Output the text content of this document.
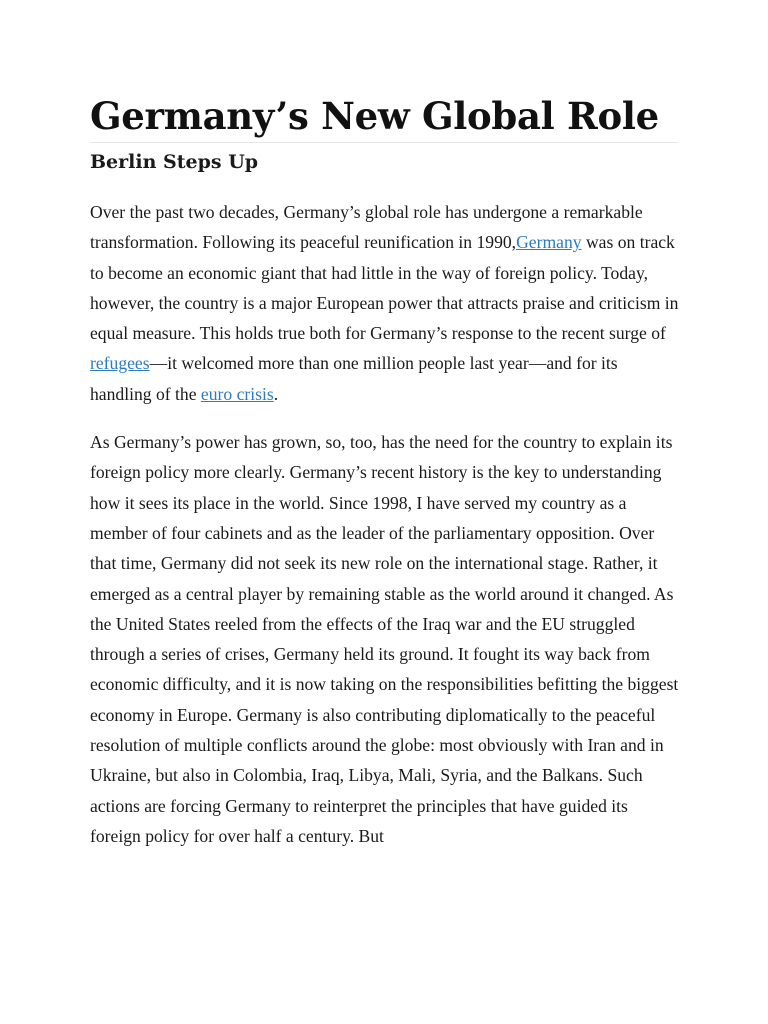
Germany’s New Global Role
Berlin Steps Up

Over the past two decades, Germany’s global role has undergone a remarkable transformation. Following its peaceful reunification in 1990,Germany was on track to become an economic giant that had little in the way of foreign policy. Today, however, the country is a major European power that attracts praise and criticism in equal measure. This holds true both for Germany’s response to the recent surge of refugees—it welcomed more than one million people last year—and for its handling of the euro crisis.

As Germany’s power has grown, so, too, has the need for the country to explain its foreign policy more clearly. Germany’s recent history is the key to understanding how it sees its place in the world. Since 1998, I have served my country as a member of four cabinets and as the leader of the parliamentary opposition. Over that time, Germany did not seek its new role on the international stage. Rather, it emerged as a central player by remaining stable as the world around it changed. As the United States reeled from the effects of the Iraq war and the EU struggled through a series of crises, Germany held its ground. It fought its way back from economic difficulty, and it is now taking on the responsibilities befitting the biggest economy in Europe. Germany is also contributing diplomatically to the peaceful resolution of multiple conflicts around the globe: most obviously with Iran and in Ukraine, but also in Colombia, Iraq, Libya, Mali, Syria, and the Balkans. Such actions are forcing Germany to reinterpret the principles that have guided its foreign policy for over half a century. But
